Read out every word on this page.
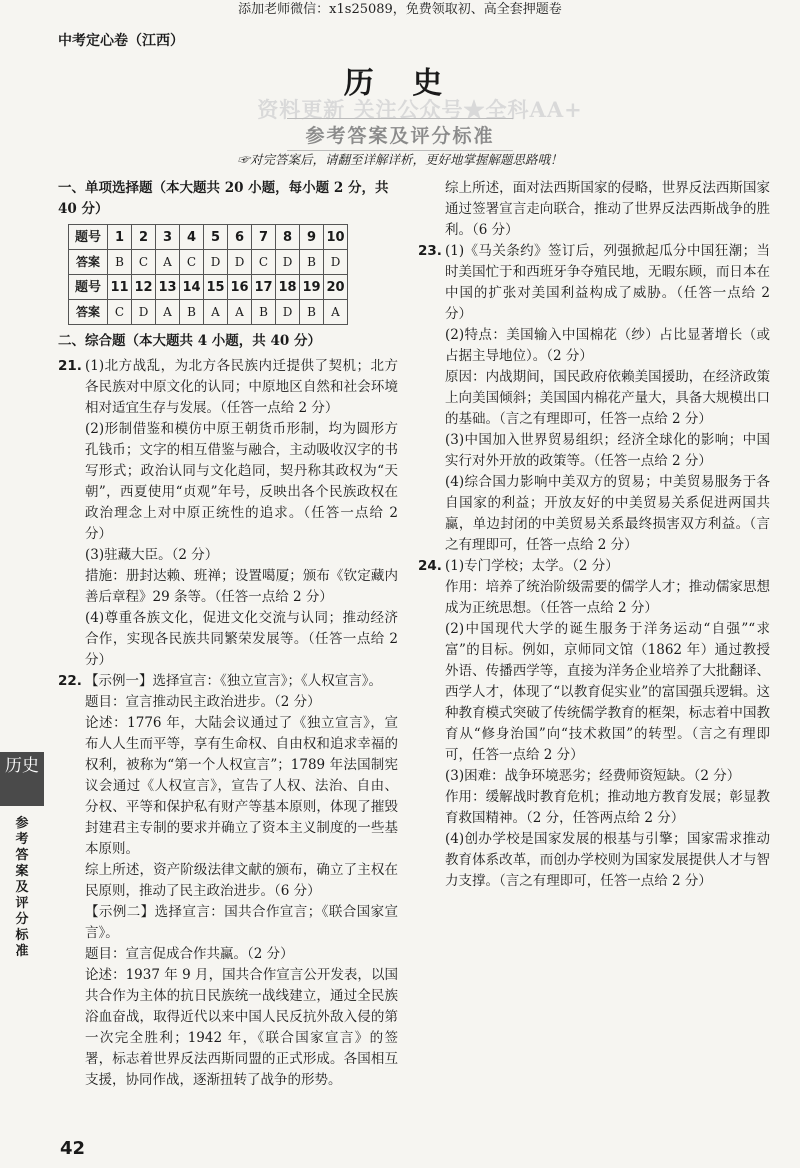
添加老师微信：x1s25089，免费领取初、高全套押题卷
中考定心卷（江西）
历 史
资料更新 关注公众号★全科AA+
参考答案及评分标准
☞对完答案后，请翻至详解详析，更好地掌握解题思路哦！
一、单项选择题（本大题共 20 小题，每小题 2 分，共 40 分）
题号	1	2	3	4	5	6	7	8	9	10
答案	B	C	A	C	D	D	C	D	B	D
题号	11	12	13	14	15	16	17	18	19	20
答案	C	D	A	B	A	A	B	D	B	A
二、综合题（本大题共 4 小题，共 40 分）
21. (1)北方战乱，为北方各民族内迁提供了契机；北方各民族对中原文化的认同；中原地区自然和社会环境相对适宜生存与发展。（任答一点给 2 分）

(2)形制借鉴和模仿中原王朝货币形制，均为圆形方孔钱币；文字的相互借鉴与融合，主动吸收汉字的书写形式；政治认同与文化趋同，契丹称其政权为“天朝”，西夏使用“贞观”年号，反映出各个民族政权在政治理念上对中原正统性的追求。（任答一点给 2 分）

(3)驻藏大臣。（2 分）

措施：册封达赖、班禅；设置噶厦；颁布《钦定藏内善后章程》29 条等。（任答一点给 2 分）

(4)尊重各族文化，促进文化交流与认同；推动经济合作，实现各民族共同繁荣发展等。（任答一点给 2 分）

22. 【示例一】选择宣言：《独立宣言》；《人权宣言》。

题目：宣言推动民主政治进步。（2 分）

论述：1776 年，大陆会议通过了《独立宣言》，宣布人人生而平等，享有生命权、自由权和追求幸福的权利，被称为“第一个人权宣言”；1789 年法国制宪议会通过《人权宣言》，宣告了人权、法治、自由、分权、平等和保护私有财产等基本原则，体现了摧毁封建君主专制的要求并确立了资本主义制度的一些基本原则。

综上所述，资产阶级法律文献的颁布，确立了主权在民原则，推动了民主政治进步。（6 分）

【示例二】选择宣言：国共合作宣言；《联合国家宣言》。

题目：宣言促成合作共赢。（2 分）

论述：1937 年 9 月，国共合作宣言公开发表，以国共合作为主体的抗日民族统一战线建立，通过全民族浴血奋战，取得近代以来中国人民反抗外敌入侵的第一次完全胜利；1942 年，《联合国家宣言》的签署，标志着世界反法西斯同盟的正式形成。各国相互支援，协同作战，逐渐扭转了战争的形势。

综上所述，面对法西斯国家的侵略，世界反法西斯国家通过签署宣言走向联合，推动了世界反法西斯战争的胜利。（6 分）

23. (1)《马关条约》签订后，列强掀起瓜分中国狂潮；当时美国忙于和西班牙争夺殖民地，无暇东顾，而日本在中国的扩张对美国利益构成了威胁。（任答一点给 2 分）

(2)特点：美国输入中国棉花（纱）占比显著增长（或占据主导地位）。（2 分）

原因：内战期间，国民政府依赖美国援助，在经济政策上向美国倾斜；美国国内棉花产量大，具备大规模出口的基础。（言之有理即可，任答一点给 2 分）

(3)中国加入世界贸易组织；经济全球化的影响；中国实行对外开放的政策等。（任答一点给 2 分）

(4)综合国力影响中美双方的贸易；中美贸易服务于各自国家的利益；开放友好的中美贸易关系促进两国共赢，单边封闭的中美贸易关系最终损害双方利益。（言之有理即可，任答一点给 2 分）

24. (1)专门学校；太学。（2 分）

作用：培养了统治阶级需要的儒学人才；推动儒家思想成为正统思想。（任答一点给 2 分）

(2)中国现代大学的诞生服务于洋务运动“自强”“求富”的目标。例如，京师同文馆（1862 年）通过教授外语、传播西学等，直接为洋务企业培养了大批翻译、西学人才，体现了“以教育促实业”的富国强兵逻辑。这种教育模式突破了传统儒学教育的框架，标志着中国教育从“修身治国”向“技术救国”的转型。（言之有理即可，任答一点给 2 分）

(3)困难：战争环境恶劣；经费师资短缺。（2 分）

作用：缓解战时教育危机；推动地方教育发展；彰显教育救国精神。（2 分，任答两点给 2 分）

(4)创办学校是国家发展的根基与引擎；国家需求推动教育体系改革，而创办学校则为国家发展提供人才与智力支撑。（言之有理即可，任答一点给 2 分）

历史
参考答案及评分标准
42
